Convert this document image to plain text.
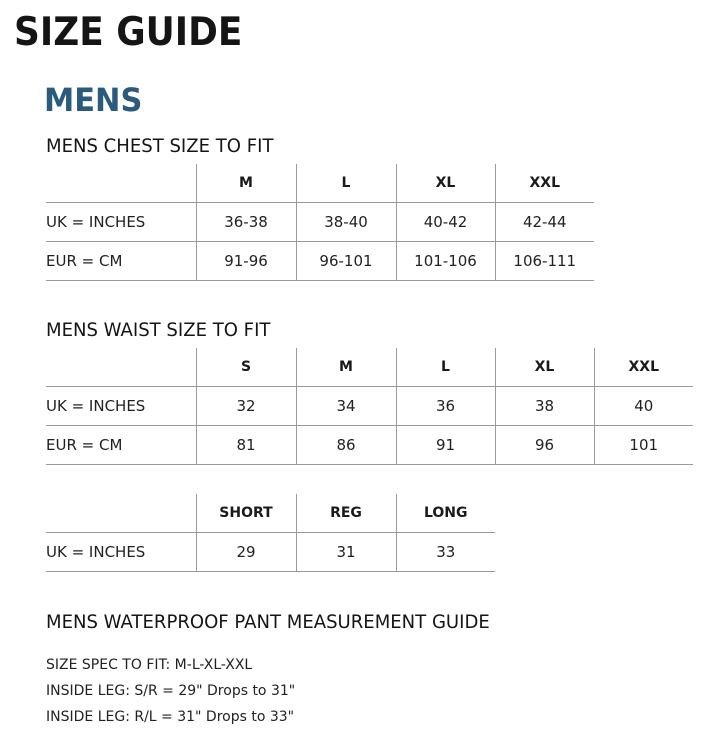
SIZE GUIDE
MENS
MENS CHEST SIZE TO FIT
	M	L	XL	XXL
UK = INCHES	36-38	38-40	40-42	42-44
EUR = CM	91-96	96-101	101-106	106-111
MENS WAIST SIZE TO FIT
	S	M	L	XL	XXL
UK = INCHES	32	34	36	38	40
EUR = CM	81	86	91	96	101
	SHORT	REG	LONG
UK = INCHES	29	31	33
MENS WATERPROOF PANT MEASUREMENT GUIDE
SIZE SPEC TO FIT: M-L-XL-XXL
INSIDE LEG: S/R = 29" Drops to 31"
INSIDE LEG: R/L = 31" Drops to 33"
